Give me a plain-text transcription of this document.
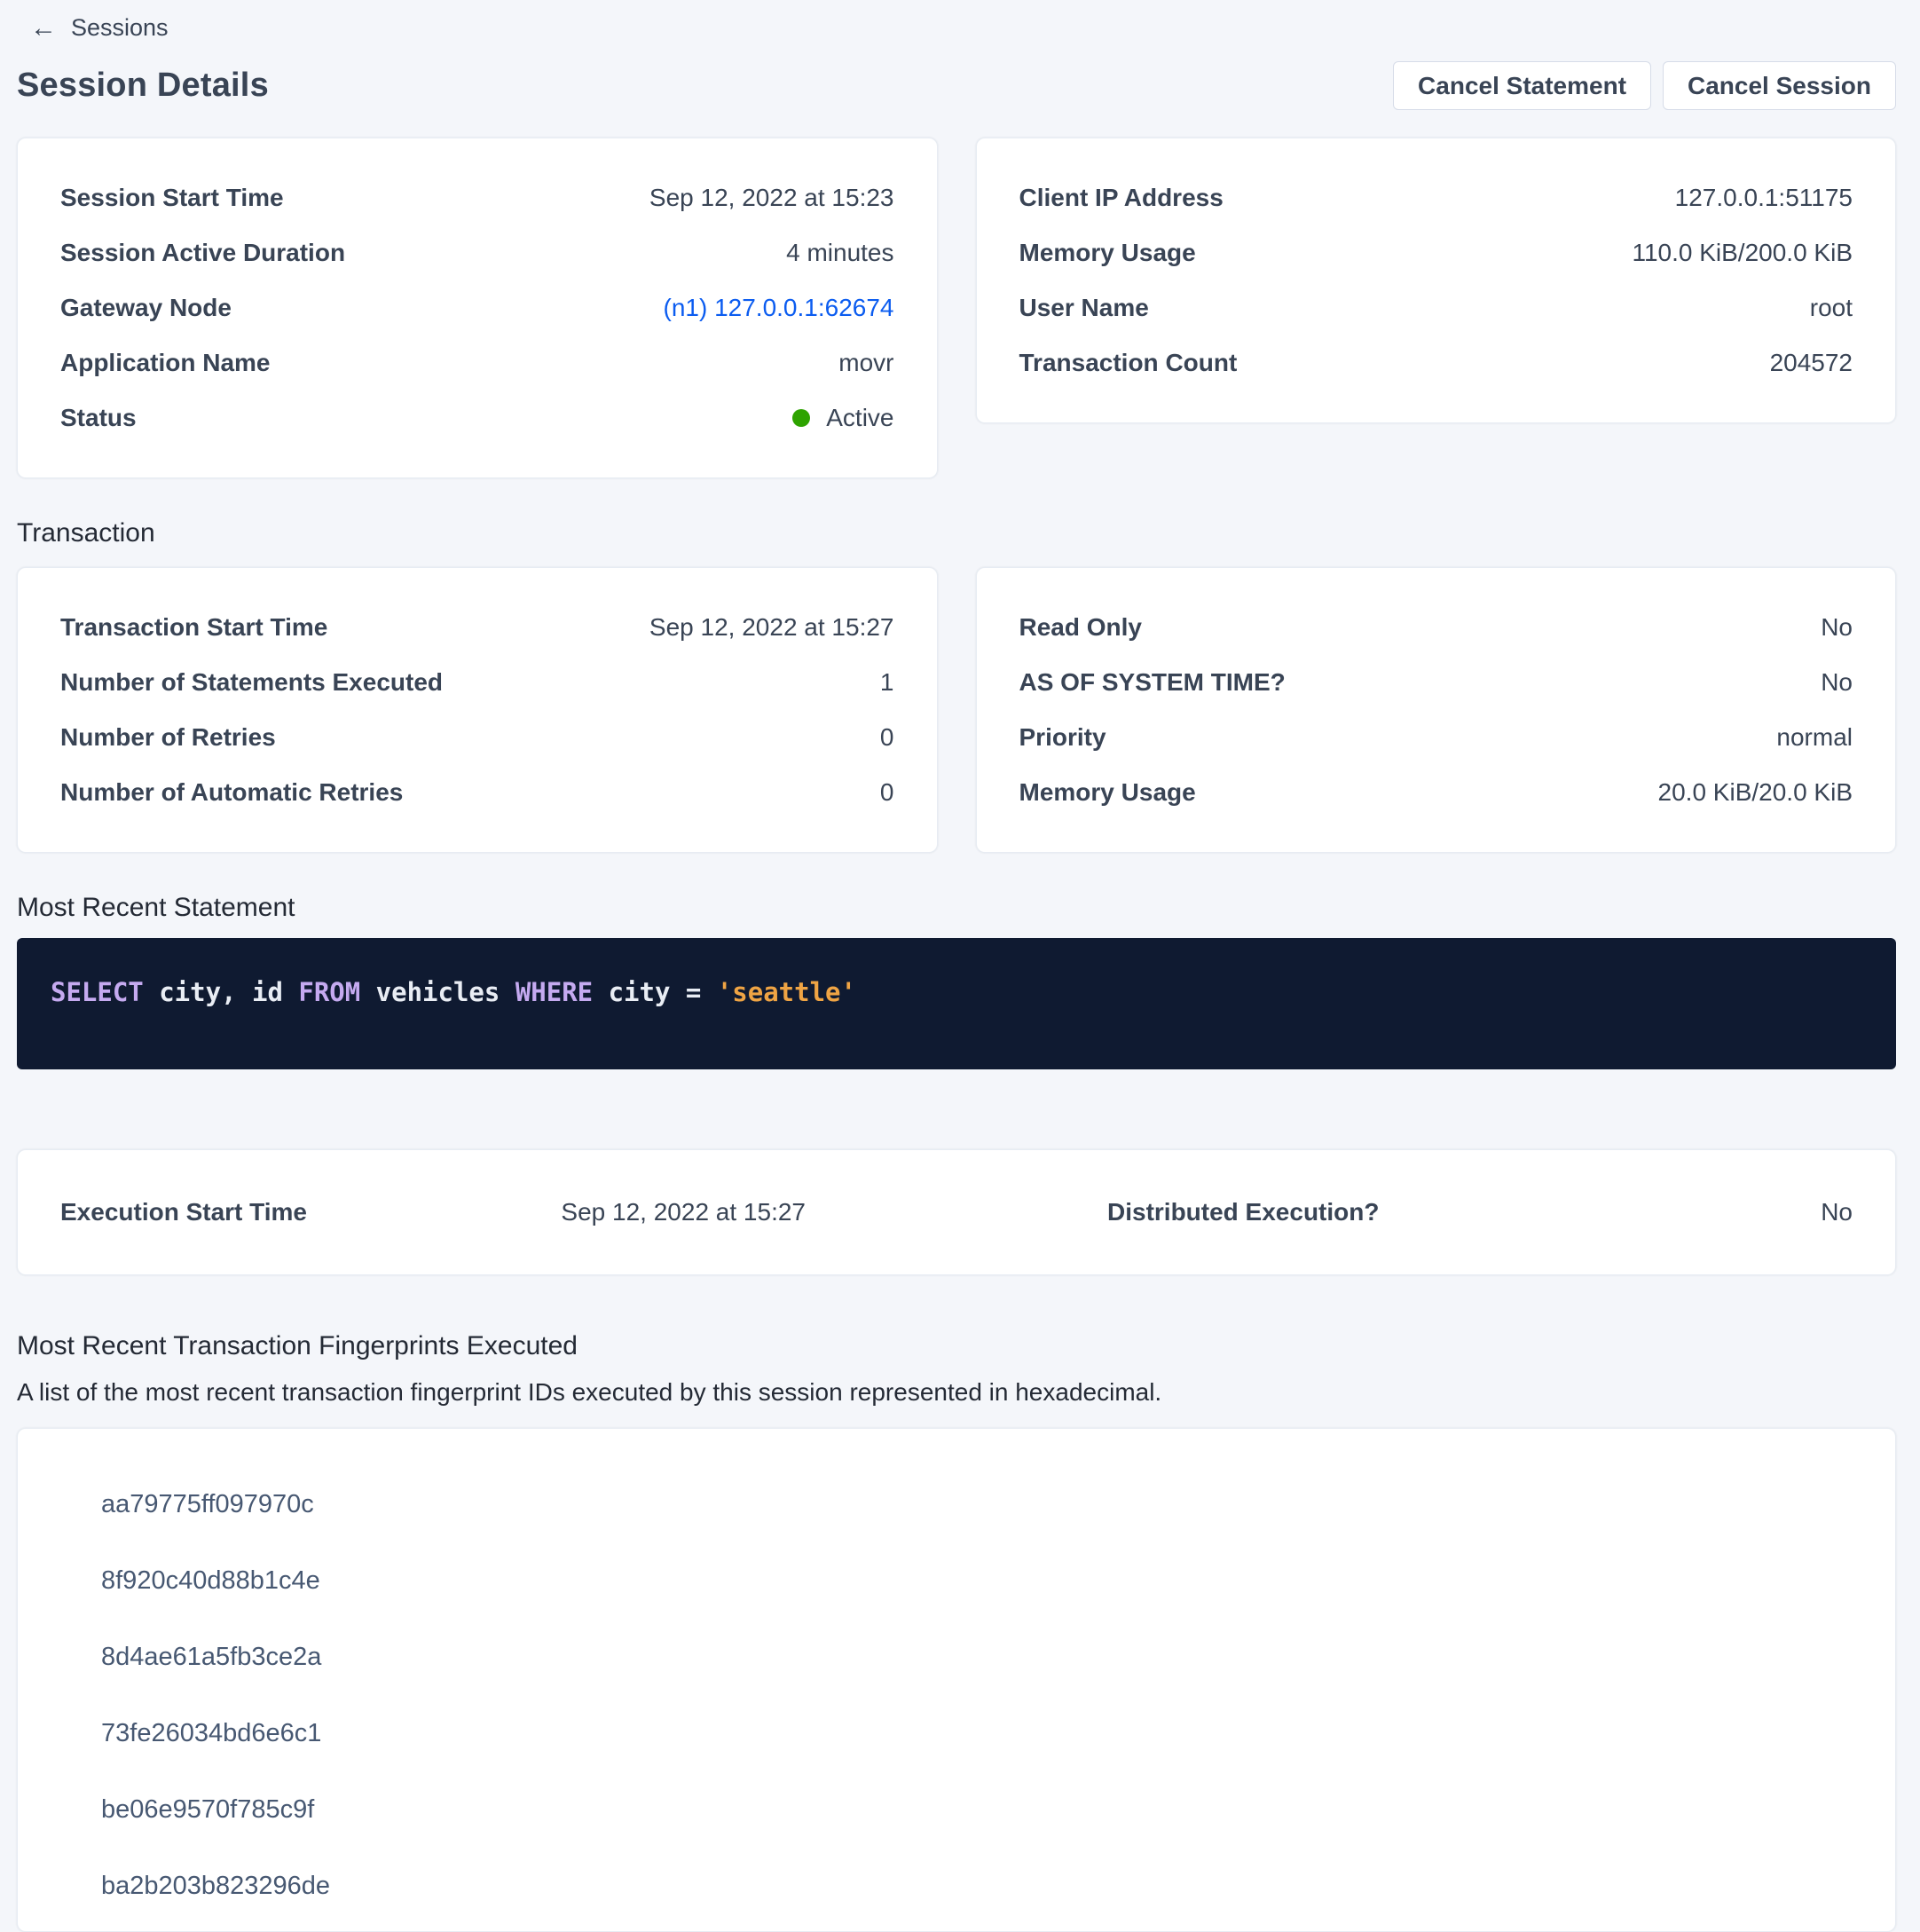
← Sessions
Session Details	Cancel Statement	Cancel Session
Session Start Time	Sep 12, 2022 at 15:23
Session Active Duration	4 minutes
Gateway Node	(n1) 127.0.0.1:62674
Application Name	movr
Status	Active
Client IP Address	127.0.0.1:51175
Memory Usage	110.0 KiB/200.0 KiB
User Name	root
Transaction Count	204572
Transaction
Transaction Start Time	Sep 12, 2022 at 15:27
Number of Statements Executed	1
Number of Retries	0
Number of Automatic Retries	0
Read Only	No
AS OF SYSTEM TIME?	No
Priority	normal
Memory Usage	20.0 KiB/20.0 KiB
Most Recent Statement
SELECT city, id FROM vehicles WHERE city = 'seattle'
Execution Start Time	Sep 12, 2022 at 15:27	Distributed Execution?	No
Most Recent Transaction Fingerprints Executed

A list of the most recent transaction fingerprint IDs executed by this session represented in hexadecimal.

aa79775ff097970c
8f920c40d88b1c4e
8d4ae61a5fb3ce2a
73fe26034bd6e6c1
be06e9570f785c9f
ba2b203b823296de
